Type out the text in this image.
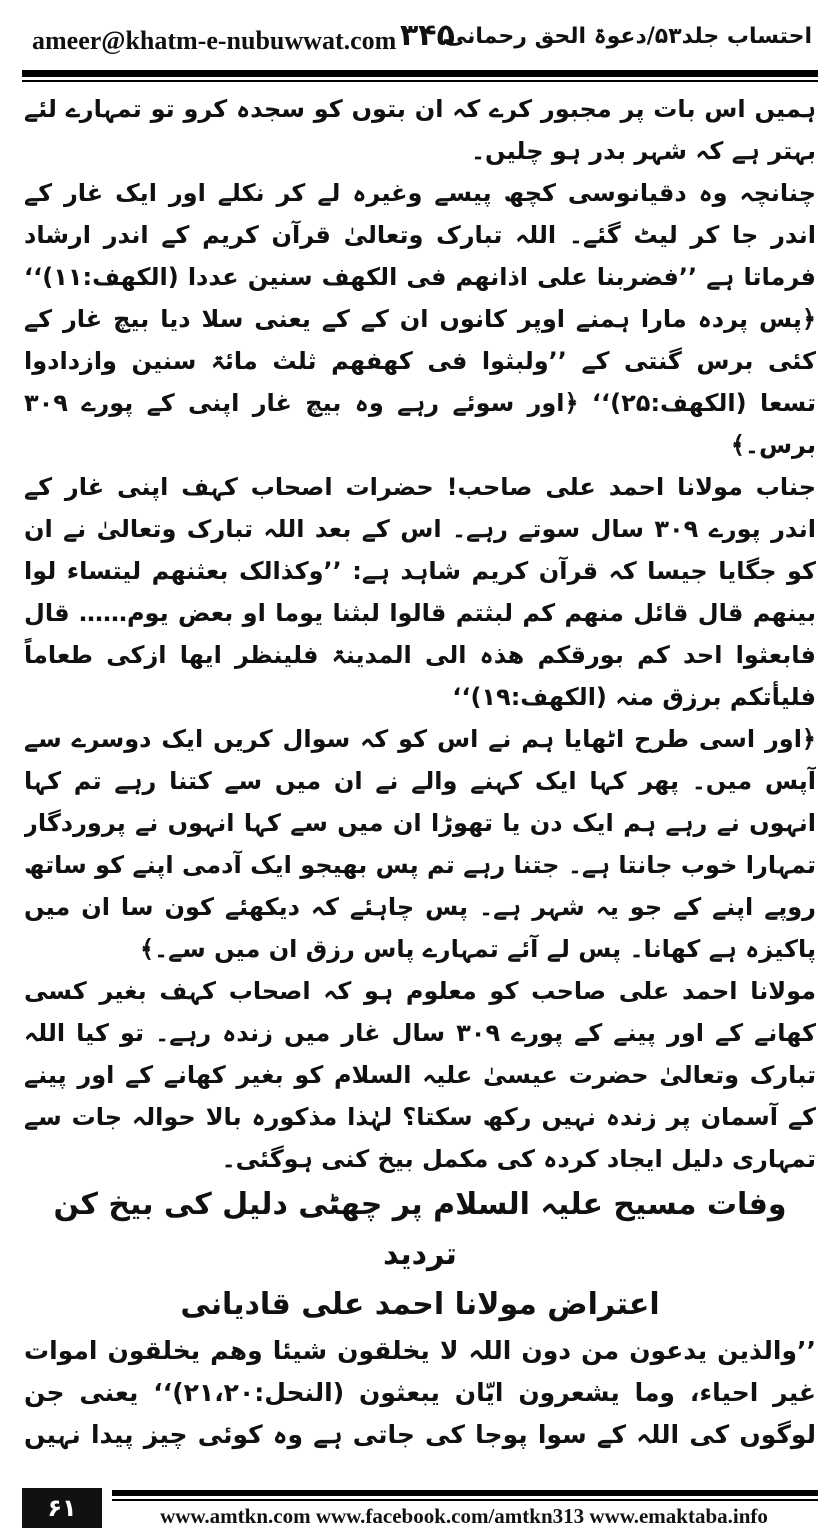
ameer@khatm-e-nubuwwat.com ۳۴۵
احتساب جلد۵۳/دعوۃ الحق رحمانی

ہمیں اس بات پر مجبور کرے کہ ان بتوں کو سجدہ کرو تو تمہارے لئے بہتر ہے کہ شہر بدر ہو چلیں۔

چنانچہ وہ دقیانوسی کچھ پیسے وغیرہ لے کر نکلے اور ایک غار کے اندر جا کر لیٹ گئے۔ اللہ تبارک وتعالیٰ قرآن کریم کے اندر ارشاد فرماتا ہے ’’فضربنا علی اذانھم فی الکھف سنین عددا (الکھف:۱۱)‘‘ ﴿پس پردہ مارا ہمنے اوپر کانوں ان کے کے یعنی سلا دیا بیچ غار کے کئی برس گنتی کے ’’ولبثوا فی کھفھم ثلث مائۃ سنین وازدادوا تسعا (الکھف:۲۵)‘‘ ﴿اور سوئے رہے وہ بیچ غار اپنی کے پورے ۳۰۹ برس۔﴾

جناب مولانا احمد علی صاحب! حضرات اصحاب کہف اپنی غار کے اندر پورے ۳۰۹ سال سوتے رہے۔ اس کے بعد اللہ تبارک وتعالیٰ نے ان کو جگایا جیسا کہ قرآن کریم شاہد ہے: ’’وکذالک بعثنھم لیتساء لوا بینھم قال قائل منھم کم لبثتم قالوا لبثنا یوما او بعض یوم…… قال فابعثوا احد کم بورقکم ھذہ الی المدینۃ فلینظر ایھا ازکی طعاماً فلیأتکم برزق منہ (الکھف:۱۹)‘‘

﴿اور اسی طرح اٹھایا ہم نے اس کو کہ سوال کریں ایک دوسرے سے آپس میں۔ پھر کہا ایک کہنے والے نے ان میں سے کتنا رہے تم کہا انہوں نے رہے ہم ایک دن یا تھوڑا ان میں سے کہا انہوں نے پروردگار تمہارا خوب جانتا ہے۔ جتنا رہے تم پس بھیجو ایک آدمی اپنے کو ساتھ روپے اپنے کے جو یہ شہر ہے۔ پس چاہئے کہ دیکھئے کون سا ان میں پاکیزہ ہے کھانا۔ پس لے آئے تمہارے پاس رزق ان میں سے۔﴾

مولانا احمد علی صاحب کو معلوم ہو کہ اصحاب کہف بغیر کسی کھانے کے اور پینے کے پورے ۳۰۹ سال غار میں زندہ رہے۔ تو کیا اللہ تبارک وتعالیٰ حضرت عیسیٰ علیہ السلام کو بغیر کھانے کے اور پینے کے آسمان پر زندہ نہیں رکھ سکتا؟ لہٰذا مذکورہ بالا حوالہ جات سے تمہاری دلیل ایجاد کردہ کی مکمل بیخ کنی ہوگئی۔

وفات مسیح علیہ السلام پر چھٹی دلیل کی بیخ کن تردید
اعتراض مولانا احمد علی قادیانی

’’والذین یدعون من دون اللہ لا یخلقون شیئا وھم یخلقون اموات غیر احیاء، وما یشعرون ایّان یبعثون (النحل:۲۱،۲۰)‘‘ یعنی جن لوگوں کی اللہ کے سوا پوجا کی جاتی ہے وہ کوئی چیز پیدا نہیں

۶۱	www.amtkn.com www.facebook.com/amtkn313 www.emaktaba.info
